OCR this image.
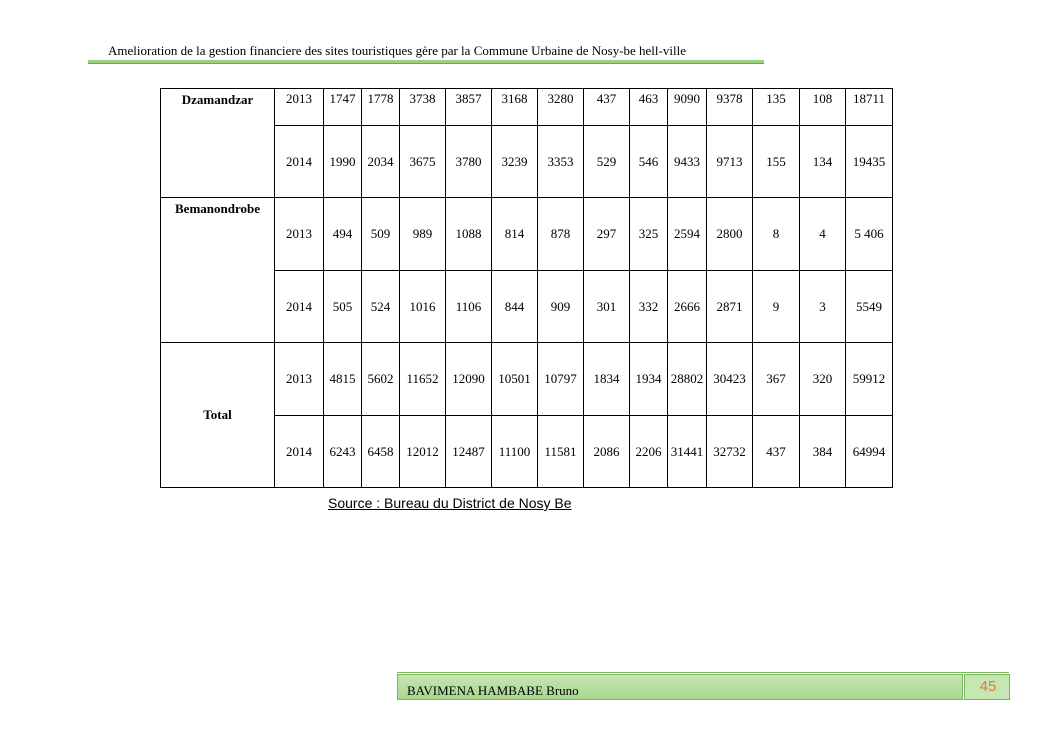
Amelioration de la gestion financiere des sites touristiques gère par la Commune Urbaine de Nosy-be hell-ville
Dzamandzar	2013	1747	1778	3738	3857	3168	3280	437	463	9090	9378	135	108	18711
	2014	1990	2034	3675	3780	3239	3353	529	546	9433	9713	155	134	19435
Bemanondrobe	2013	494	509	989	1088	814	878	297	325	2594	2800	8	4	5 406
	2014	505	524	1016	1106	844	909	301	332	2666	2871	9	3	5549
Total	2013	4815	5602	11652	12090	10501	10797	1834	1934	28802	30423	367	320	59912
	2014	6243	6458	12012	12487	11100	11581	2086	2206	31441	32732	437	384	64994
Source : Bureau du District de Nosy Be
BAVIMENA HAMBABE Bruno	45
